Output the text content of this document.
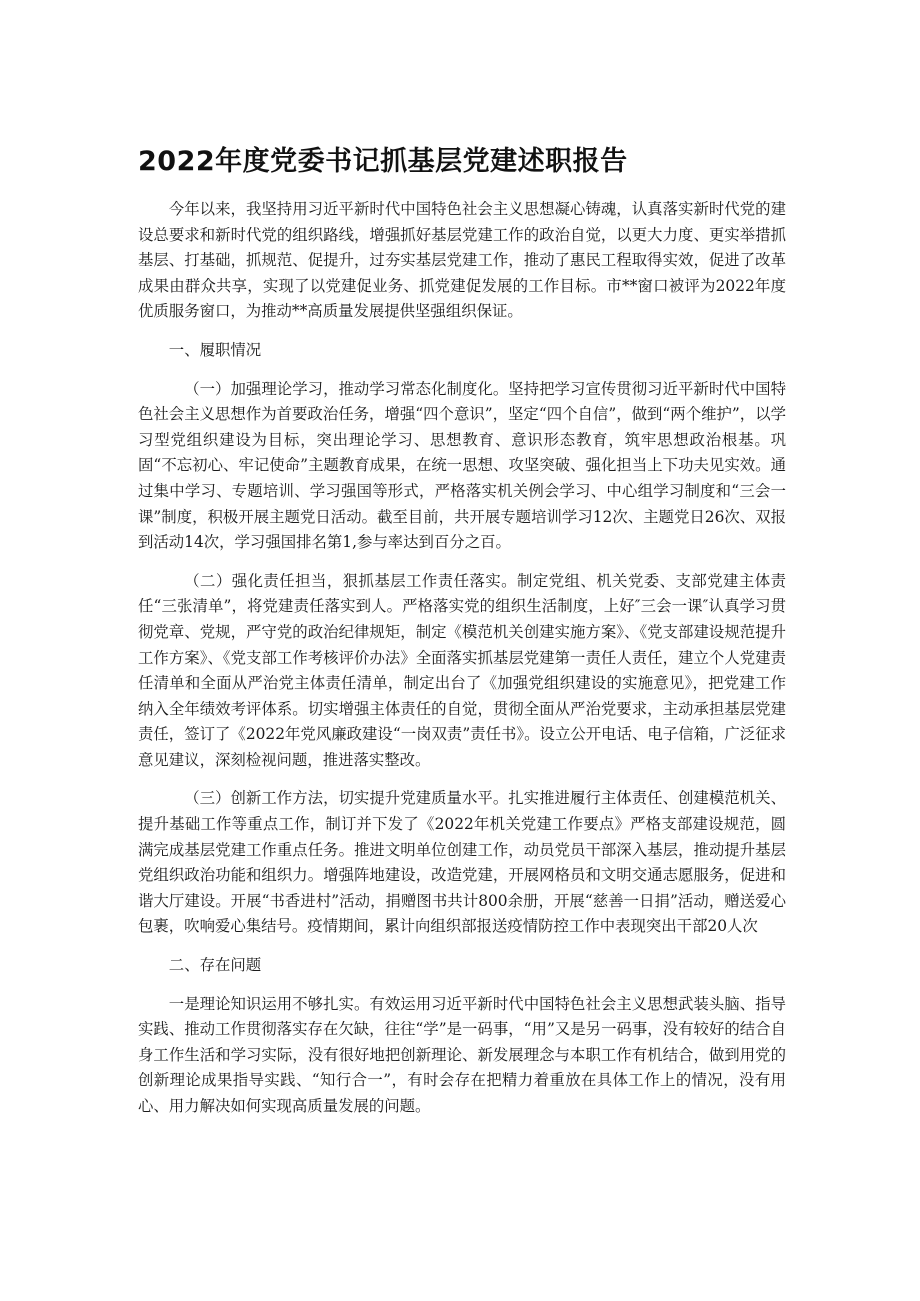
2022年度党委书记抓基层党建述职报告

今年以来，我坚持用习近平新时代中国特色社会主义思想凝心铸魂，认真落实新时代党的建设总要求和新时代党的组织路线，增强抓好基层党建工作的政治自觉，以更大力度、更实举措抓基层、打基础，抓规范、促提升，过夯实基层党建工作，推动了惠民工程取得实效，促进了改革成果由群众共享，实现了以党建促业务、抓党建促发展的工作目标。市**窗口被评为2022年度优质服务窗口，为推动**高质量发展提供坚强组织保证。

一、履职情况

（一）加强理论学习，推动学习常态化制度化。坚持把学习宣传贯彻习近平新时代中国特色社会主义思想作为首要政治任务，增强“四个意识”，坚定“四个自信”，做到“两个维护”，以学习型党组织建设为目标，突出理论学习、思想教育、意识形态教育，筑牢思想政治根基。巩固“不忘初心、牢记使命”主题教育成果，在统一思想、攻坚突破、强化担当上下功夫见实效。通过集中学习、专题培训、学习强国等形式，严格落实机关例会学习、中心组学习制度和“三会一课”制度，积极开展主题党日活动。截至目前，共开展专题培训学习12次、主题党日26次、双报到活动14次，学习强国排名第1,参与率达到百分之百。

（二）强化责任担当，狠抓基层工作责任落实。制定党组、机关党委、支部党建主体责任“三张清单”，将党建责任落实到人。严格落实党的组织生活制度，上好″三会一课″认真学习贯彻党章、党规，严守党的政治纪律规矩，制定《模范机关创建实施方案》、《党支部建设规范提升工作方案》、《党支部工作考核评价办法》全面落实抓基层党建第一责任人责任，建立个人党建责任清单和全面从严治党主体责任清单，制定出台了《加强党组织建设的实施意见》，把党建工作纳入全年绩效考评体系。切实增强主体责任的自觉，贯彻全面从严治党要求，主动承担基层党建责任，签订了《2022年党风廉政建设“一岗双责”责任书》。设立公开电话、电子信箱，广泛征求意见建议，深刻检视问题，推进落实整改。

（三）创新工作方法，切实提升党建质量水平。扎实推进履行主体责任、创建模范机关、提升基础工作等重点工作，制订并下发了《2022年机关党建工作要点》严格支部建设规范，圆满完成基层党建工作重点任务。推进文明单位创建工作，动员党员干部深入基层，推动提升基层党组织政治功能和组织力。增强阵地建设，改造党建，开展网格员和文明交通志愿服务，促进和谐大厅建设。开展“书香进村”活动，捐赠图书共计800余册，开展“慈善一日捐”活动，赠送爱心包裹，吹响爱心集结号。疫情期间，累计向组织部报送疫情防控工作中表现突出干部20人次

二、存在问题

一是理论知识运用不够扎实。有效运用习近平新时代中国特色社会主义思想武装头脑、指导实践、推动工作贯彻落实存在欠缺，往往“学”是一码事，“用”又是另一码事，没有较好的结合自身工作生活和学习实际，没有很好地把创新理论、新发展理念与本职工作有机结合，做到用党的创新理论成果指导实践、“知行合一”，有时会存在把精力着重放在具体工作上的情况，没有用心、用力解决如何实现高质量发展的问题。
